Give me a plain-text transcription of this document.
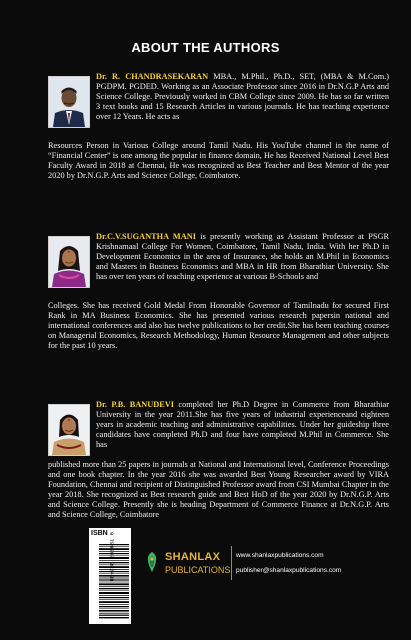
ABOUT THE AUTHORS
Dr. R. CHANDRASEKARAN MBA., M.Phil., Ph.D., SET, (MBA & M.Com.) PGDPM. PGDED. Working as an Associate Professor since 2016 in Dr.N.G.P Arts and Science College. Previously worked in CBM College since 2009. He has so far written 3 text books and 15 Research Articles in various journals. He has teaching experience over 12 Years. He acts as
Resources Person in Various College around Tamil Nadu. His YouTube channel in the name of “Financial Center” is one among the popular in finance domain, He has Received National Level Best Faculty Award in 2018 at Chennai, He was recognized as Best Teacher and Best Mentor of the year 2020 by Dr.N.G.P. Arts and Science College, Coimbatore.
Dr.C.V.SUGANTHA MANI is presently working as Assistant Professor at PSGR Krishnamaal College For Women, Coimbatore, Tamil Nadu, India. With her Ph.D in Development Economics in the area of Insurance, she holds an M.Phil in Economics and Masters in Business Economics and MBA in HR from Bharathiar University. She has over ten years of teaching experience at various B-Schools and
Colleges. She has received Gold Medal From Honorable Governor of Tamilnadu for secured First Rank in MA Business Economics. She has presented various research papersin national and international conferences and also has twelve publications to her credit.She has been teaching courses on Managerial Economics, Research Methodology, Human Resource Management and other subjects for the past 10 years.
Dr. P.B. BANUDEVI completed her Ph.D Degree in Commerce from Bharathiar University in the year 2011.She has five years of industrial experienceand eighteen years in academic teaching and administrative capabilities. Under her guideship three candidates have completed Ph.D and four have completed M.Phil in Commerce. She has
published more than 25 papers in journals at National and International level, Conference Proceedings and one book chapter. In the year 2016 she was awarded Best Young Researcher award by VIRA Foundation, Chennai and recipient of Distinguished Professor award from CSI Mumbai Chapter in the year 2018. She recognized as Best research guide and Best HoD of the year 2020 by Dr.N.G.P. Arts and Science College. Presently she is heading Department of Commerce Finance at Dr.N.G.P. Arts and Science College, Coimbatore
ISBN 9 789390 082498	SHANLAX
PUBLICATIONS
www.shanlaxpublications.com
publisher@shanlaxpublications.com
